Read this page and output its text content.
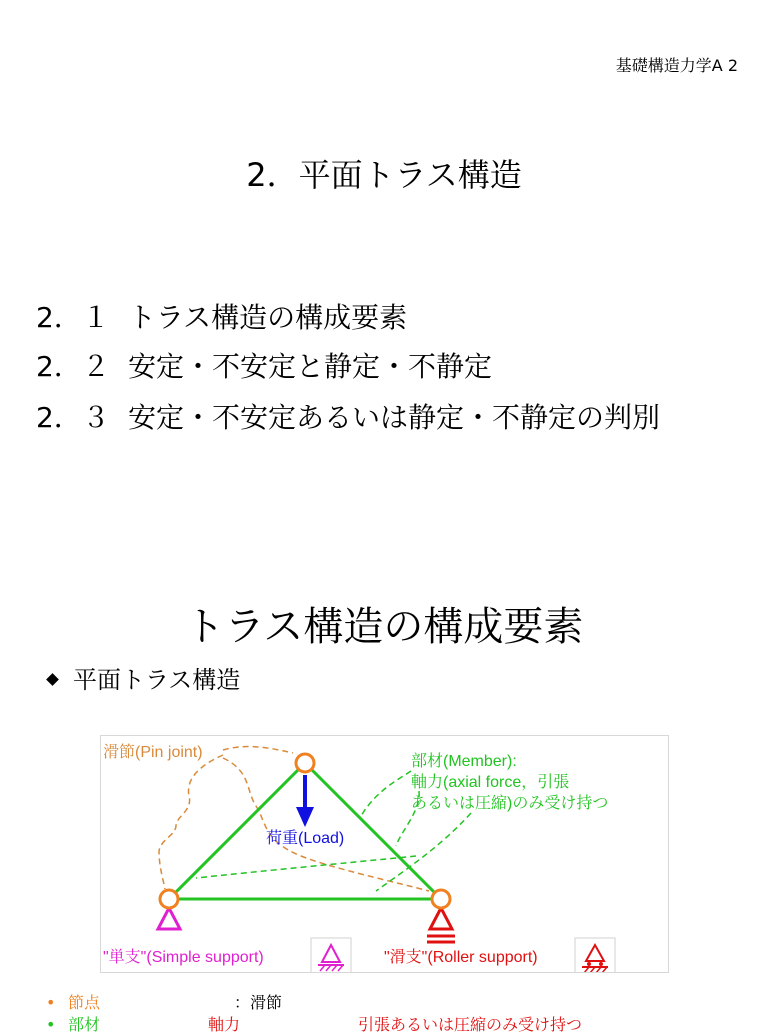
基礎構造力学A 2
2．平面トラス構造
2．１ トラス構造の構成要素
2．２ 安定・不安定と静定・不静定
2．３ 安定・不安定あるいは静定・不静定の判別
トラス構造の構成要素
平面トラス構造
滑節(Pin joint)
部材(Member):
軸力(axial force，引張
あるいは圧縮)のみ受け持つ
荷重(Load)
"単支"(Simple support)	"滑支"(Roller support)
• 節点	：滑節
• 部材	軸力	引張あるいは圧縮のみ受け持つ
